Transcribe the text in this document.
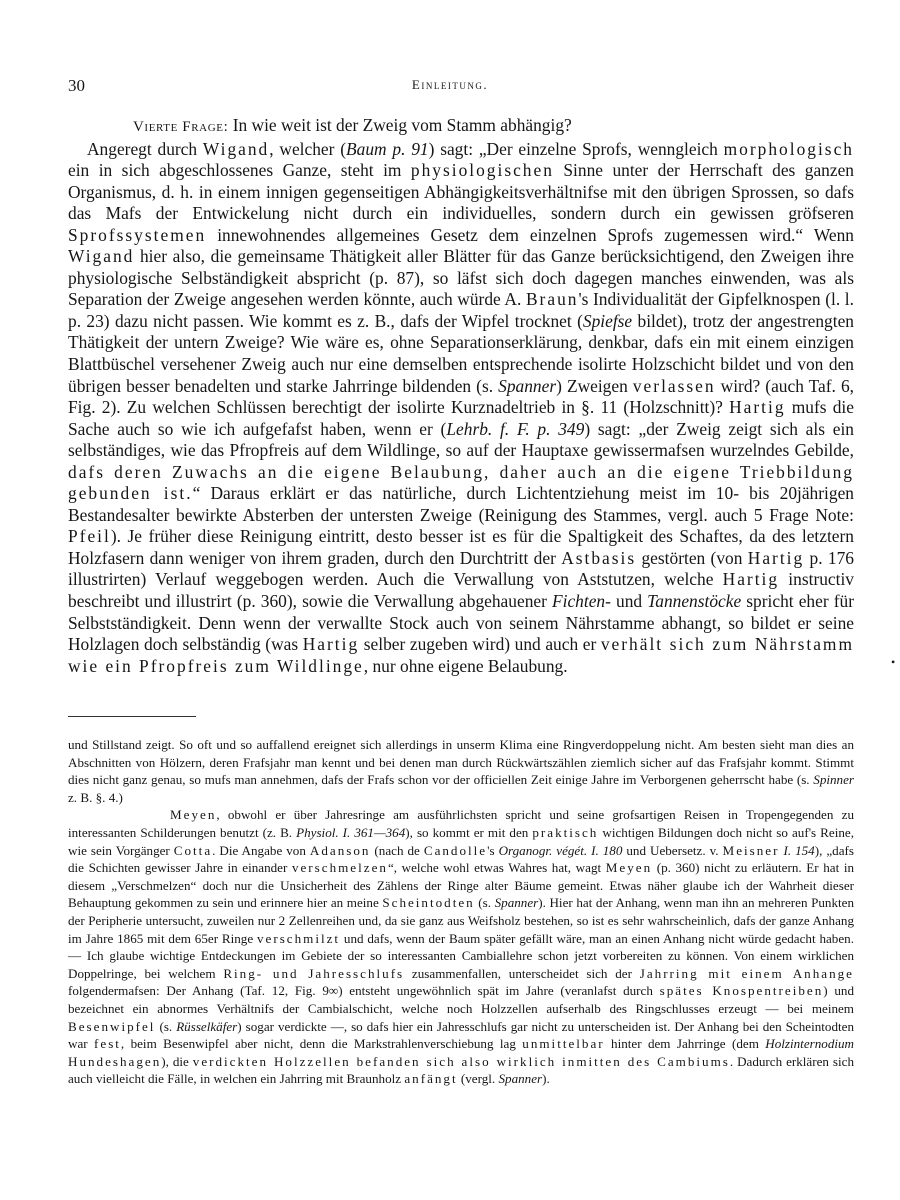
30	Einleitung.

Vierte Frage: In wie weit ist der Zweig vom Stamm abhängig?

Angeregt durch Wigand, welcher (Baum p. 91) sagt: „Der einzelne Sprofs, wenngleich morphologisch ein in sich abgeschlossenes Ganze, steht im physiologischen Sinne unter der Herrschaft des ganzen Organismus, d. h. in einem innigen gegenseitigen Abhängigkeitsverhältnifse mit den übrigen Sprossen, so dafs das Mafs der Entwickelung nicht durch ein individuelles, sondern durch ein gewissen gröfseren Sprofssystemen innewohnendes allgemeines Gesetz dem einzelnen Sprofs zugemessen wird.“ Wenn Wigand hier also, die gemeinsame Thätigkeit aller Blätter für das Ganze berücksichtigend, den Zweigen ihre physiologische Selbständigkeit abspricht (p. 87), so läfst sich doch dagegen manches einwenden, was als Separation der Zweige angesehen werden könnte, auch würde A. Braun's Individualität der Gipfelknospen (l. l. p. 23) dazu nicht passen. Wie kommt es z. B., dafs der Wipfel trocknet (Spiefse bildet), trotz der angestrengten Thätigkeit der untern Zweige? Wie wäre es, ohne Separationserklärung, denkbar, dafs ein mit einem einzigen Blattbüschel versehener Zweig auch nur eine demselben entsprechende isolirte Holzschicht bildet und von den übrigen besser benadelten und starke Jahrringe bildenden (s. Spanner) Zweigen verlassen wird? (auch Taf. 6, Fig. 2). Zu welchen Schlüssen berechtigt der isolirte Kurznadeltrieb in §. 11 (Holzschnitt)? Hartig mufs die Sache auch so wie ich aufgefafst haben, wenn er (Lehrb. f. F. p. 349) sagt: „der Zweig zeigt sich als ein selbständiges, wie das Pfropfreis auf dem Wildlinge, so auf der Hauptaxe gewissermafsen wurzelndes Gebilde, dafs deren Zuwachs an die eigene Belaubung, daher auch an die eigene Triebbildung gebunden ist.“ Daraus erklärt er das natürliche, durch Lichtentziehung meist im 10- bis 20jährigen Bestandesalter bewirkte Absterben der untersten Zweige (Reinigung des Stammes, vergl. auch 5 Frage Note: Pfeil). Je früher diese Reinigung eintritt, desto besser ist es für die Spaltigkeit des Schaftes, da des letztern Holzfasern dann weniger von ihrem graden, durch den Durchtritt der Astbasis gestörten (von Hartig p. 176 illustrirten) Verlauf weggebogen werden. Auch die Verwallung von Aststutzen, welche Hartig instructiv beschreibt und illustrirt (p. 360), sowie die Verwallung abgehauener Fichten- und Tannenstöcke spricht eher für Selbstständigkeit. Denn wenn der verwallte Stock auch von seinem Nährstamme abhangt, so bildet er seine Holzlagen doch selbständig (was Hartig selber zugeben wird) und auch er verhält sich zum Nährstamm wie ein Pfropfreis zum Wildlinge, nur ohne eigene Belaubung.

und Stillstand zeigt. So oft und so auffallend ereignet sich allerdings in unserm Klima eine Ringverdoppelung nicht. Am besten sieht man dies an Abschnitten von Hölzern, deren Frafsjahr man kennt und bei denen man durch Rückwärtszählen ziemlich sicher auf das Frafsjahr kommt. Stimmt dies nicht ganz genau, so mufs man annehmen, dafs der Frafs schon vor der officiellen Zeit einige Jahre im Verborgenen geherrscht habe (s. Spinner z. B. §. 4.)

Meyen, obwohl er über Jahresringe am ausführlichsten spricht und seine grofsartigen Reisen in Tropengegenden zu interessanten Schilderungen benutzt (z. B. Physiol. I. 361—364), so kommt er mit den praktisch wichtigen Bildungen doch nicht so auf's Reine, wie sein Vorgänger Cotta. Die Angabe von Adanson (nach de Candolle's Organogr. végét. I. 180 und Uebersetz. v. Meisner I. 154), „dafs die Schichten gewisser Jahre in einander verschmelzen“, welche wohl etwas Wahres hat, wagt Meyen (p. 360) nicht zu erläutern. Er hat in diesem „Verschmelzen“ doch nur die Unsicherheit des Zählens der Ringe alter Bäume gemeint. Etwas näher glaube ich der Wahrheit dieser Behauptung gekommen zu sein und erinnere hier an meine Scheintodten (s. Spanner). Hier hat der Anhang, wenn man ihn an mehreren Punkten der Peripherie untersucht, zuweilen nur 2 Zellenreihen und, da sie ganz aus Weifsholz bestehen, so ist es sehr wahrscheinlich, dafs der ganze Anhang im Jahre 1865 mit dem 65er Ringe verschmilzt und dafs, wenn der Baum später gefällt wäre, man an einen Anhang nicht würde gedacht haben. — Ich glaube wichtige Entdeckungen im Gebiete der so interessanten Cambiallehre schon jetzt vorbereiten zu können. Von einem wirklichen Doppelringe, bei welchem Ring- und Jahresschlufs zusammenfallen, unterscheidet sich der Jahrring mit einem Anhange folgendermafsen: Der Anhang (Taf. 12, Fig. 9∞) entsteht ungewöhnlich spät im Jahre (veranlafst durch spätes Knospentreiben) und bezeichnet ein abnormes Verhältnifs der Cambialschicht, welche noch Holzzellen aufserhalb des Ringschlusses erzeugt — bei meinem Besenwipfel (s. Rüsselkäfer) sogar verdickte —, so dafs hier ein Jahresschlufs gar nicht zu unterscheiden ist. Der Anhang bei den Scheintodten war fest, beim Besenwipfel aber nicht, denn die Markstrahlenverschiebung lag unmittelbar hinter dem Jahrringe (dem Holzinternodium Hundeshagen), die verdickten Holzzellen befanden sich also wirklich inmitten des Cambiums. Dadurch erklären sich auch vielleicht die Fälle, in welchen ein Jahrring mit Braunholz anfängt (vergl. Spanner).

•
